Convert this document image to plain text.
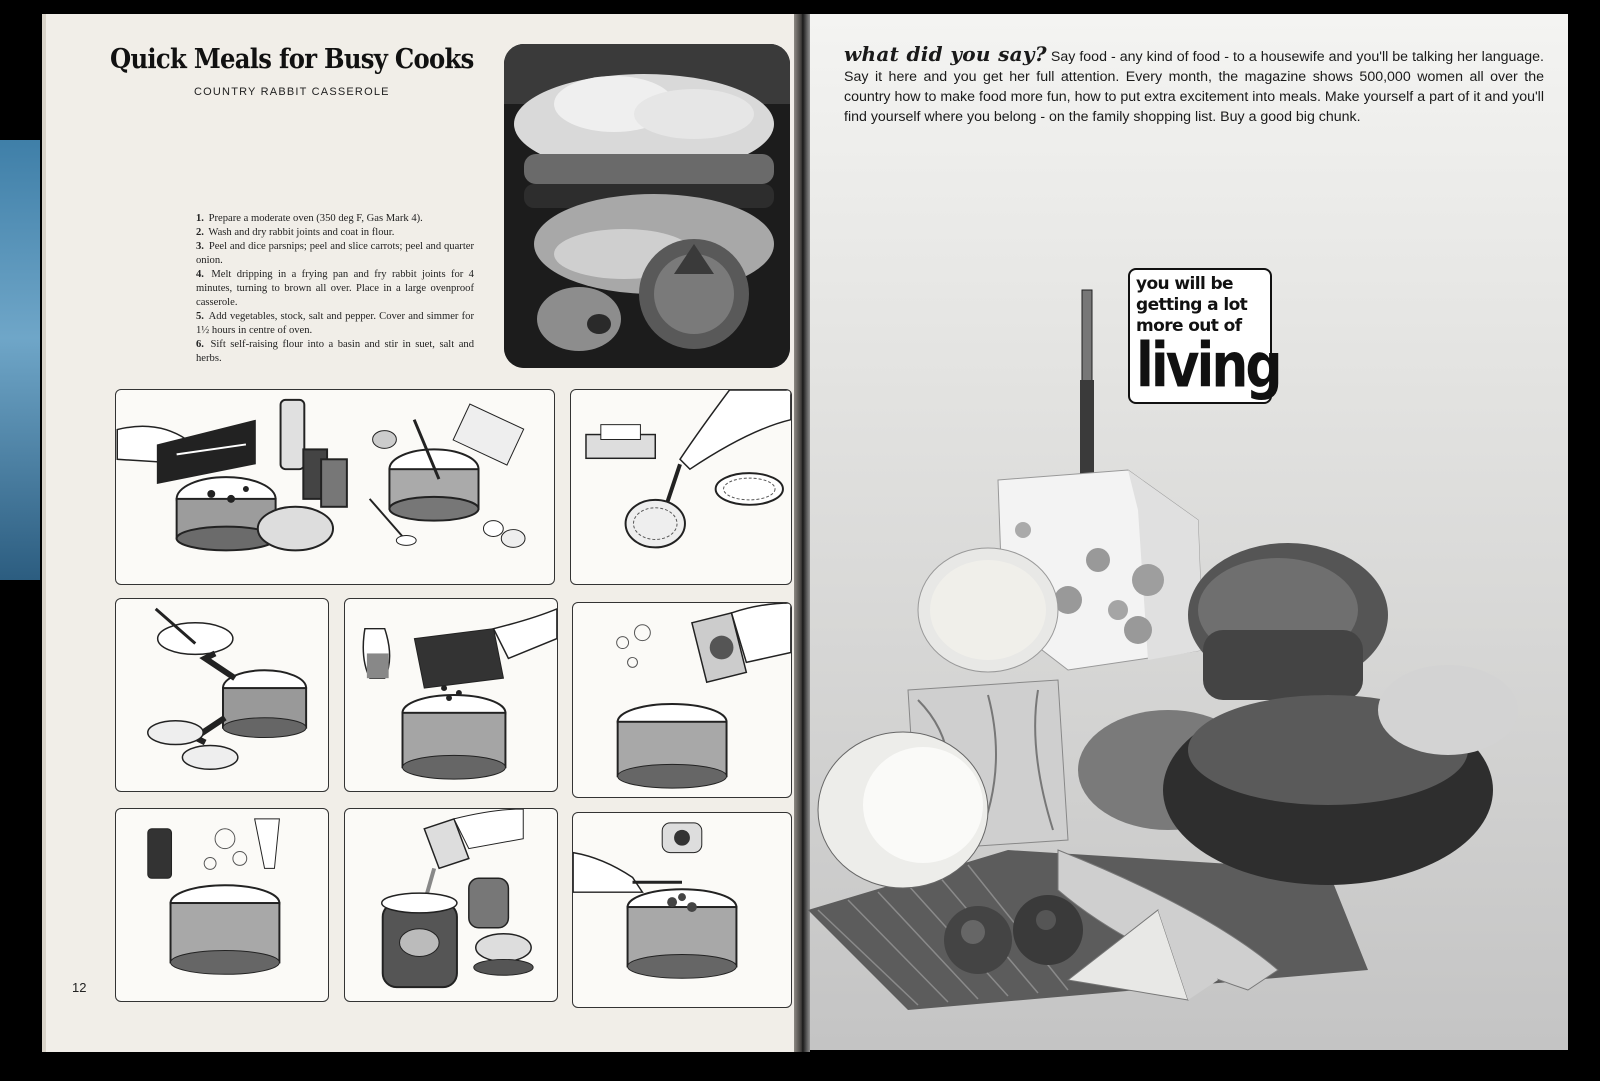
Quick Meals for Busy Cooks
COUNTRY RABBIT CASSEROLE
1. Prepare a moderate oven (350 deg F, Gas Mark 4).
2. Wash and dry rabbit joints and coat in flour.
3. Peel and dice parsnips; peel and slice carrots; peel and quarter onion.
4. Melt dripping in a frying pan and fry rabbit joints for 4 minutes, turning to brown all over. Place in a large ovenproof casserole.
5. Add vegetables, stock, salt and pepper. Cover and simmer for 1½ hours in centre of oven.
6. Sift self-raising flour into a basin and stir in suet, salt and herbs.
12

what did you say? Say food - any kind of food - to a housewife and you'll be talking her language. Say it here and you get her full attention. Every month, the magazine shows 500,000 women all over the country how to make food more fun, how to put extra excitement into meals. Make yourself a part of it and you'll find yourself where you belong - on the family shopping list. Buy a good big chunk.

you will be
getting a lot
more out of
living
